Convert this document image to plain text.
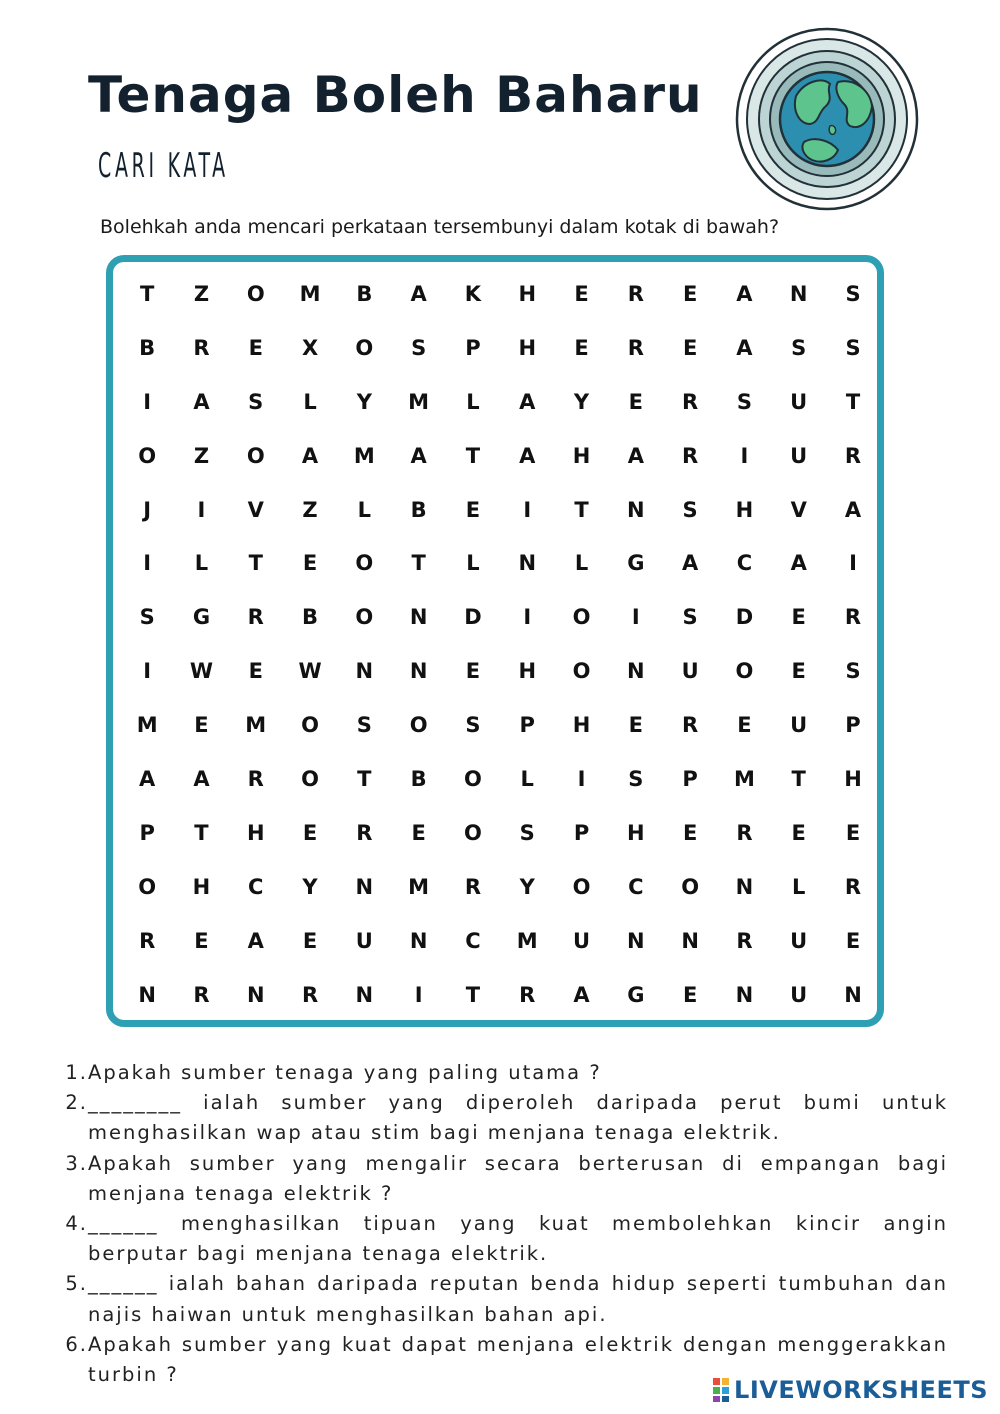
Tenaga Boleh Baharu
CARI KATA
Bolehkah anda mencari perkataan tersembunyi dalam kotak di bawah?
T	Z	O	M	B	A	K	H	E	R	E	A	N	S
B	R	E	X	O	S	P	H	E	R	E	A	S	S
I	A	S	L	Y	M	L	A	Y	E	R	S	U	T
O	Z	O	A	M	A	T	A	H	A	R	I	U	R
J	I	V	Z	L	B	E	I	T	N	S	H	V	A
I	L	T	E	O	T	L	N	L	G	A	C	A	I
S	G	R	B	O	N	D	I	O	I	S	D	E	R
I	W	E	W	N	N	E	H	O	N	U	O	E	S
M	E	M	O	S	O	S	P	H	E	R	E	U	P
A	A	R	O	T	B	O	L	I	S	P	M	T	H
P	T	H	E	R	E	O	S	P	H	E	R	E	E
O	H	C	Y	N	M	R	Y	O	C	O	N	L	R
R	E	A	E	U	N	C	M	U	N	N	R	U	E
N	R	N	R	N	I	T	R	A	G	E	N	U	N
1. Apakah sumber tenaga yang paling utama ?
2. ________ ialah sumber yang diperoleh daripada perut bumi untuk menghasilkan wap atau stim bagi menjana tenaga elektrik.
3. Apakah sumber yang mengalir secara berterusan di empangan bagi menjana tenaga elektrik ?
4. ______ menghasilkan tipuan yang kuat membolehkan kincir angin berputar bagi menjana tenaga elektrik.
5. ______ ialah bahan daripada reputan benda hidup seperti tumbuhan dan najis haiwan untuk menghasilkan bahan api.
6. Apakah sumber yang kuat dapat menjana elektrik dengan menggerakkan turbin ?
LIVEWORKSHEETS
